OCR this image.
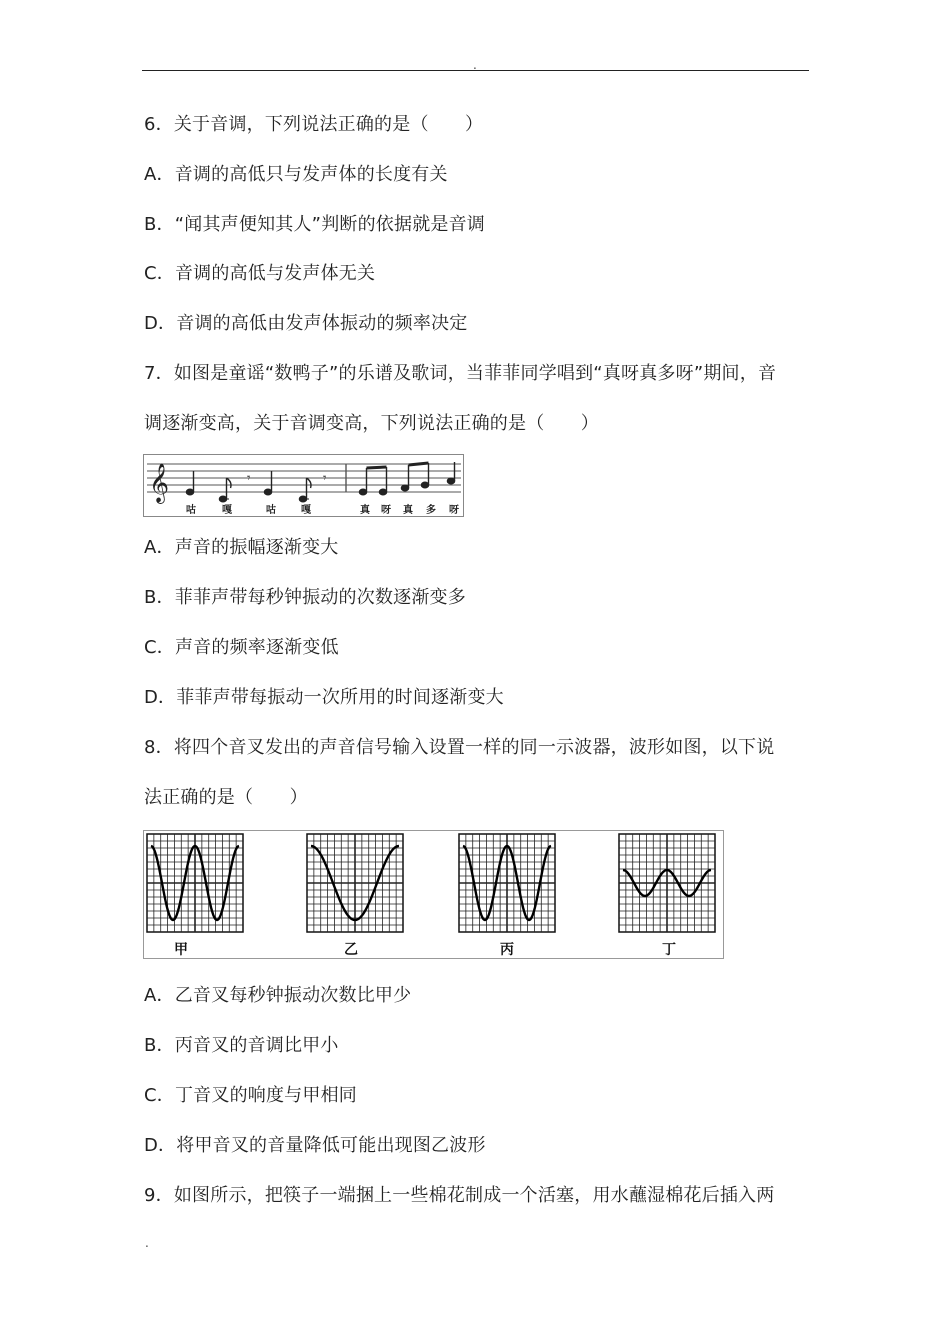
.
6．关于音调，下列说法正确的是（　　）
A．音调的高低只与发声体的长度有关
B．“闻其声便知其人”判断的依据就是音调
C．音调的高低与发声体无关
D．音调的高低由发声体振动的频率决定
7．如图是童谣“数鸭子”的乐谱及歌词，当菲菲同学唱到“真呀真多呀”期间，音
调逐渐变高，关于音调变高，下列说法正确的是（　　）
𝄞	𝄾	𝄾
咕	嘎	咕	嘎	真 呀 真 多 呀
A．声音的振幅逐渐变大
B．菲菲声带每秒钟振动的次数逐渐变多
C．声音的频率逐渐变低
D．菲菲声带每振动一次所用的时间逐渐变大
8．将四个音叉发出的声音信号输入设置一样的同一示波器，波形如图，以下说
法正确的是（　　）
甲	乙	丙	丁
A．乙音叉每秒钟振动次数比甲少
B．丙音叉的音调比甲小
C．丁音叉的响度与甲相同
D．将甲音叉的音量降低可能出现图乙波形
9．如图所示，把筷子一端捆上一些棉花制成一个活塞，用水蘸湿棉花后插入两
.
